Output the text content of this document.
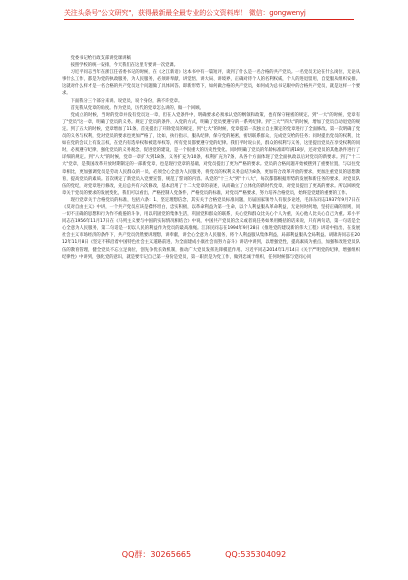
关注头条号"公文研究"，获得最新最全最专业的公文资料库！ 微信：gongwenyj

党委书记给行政支部讲党课讲稿

按照学校的统一安排，今天我们在这里专要讲一次党课。

习近平同志当年在浙江任省委书记的时候，在《之江新语》这本书中有一篇短评，谈到了什么是一名合格的共产党员。一名党员无论在什么岗位，无论从事什么工作，都是为党的执政服务，为人民服务，必须讲奉献、讲觉悟、讲大局、讲境界，正确对待个人的名利权威，个人的进退留用，自觉服从组织安排。这就对什么样才是一名合格的共产党员这个问题做了具体回答。即新形势下，如何做合格的共产党员，如何成为总书记眼中的合格共产党员，就是这样一个要求。

下面我分三个部分来讲。说党员，说个身份，满不许党章。

首先我从党章的角度。作为党员，历代的党章怎么讲的，做一个回顾。

党成立的时候，当时的党章并没有党员这一章，但在入党条件中，明确要求必须承认党的纲领和政策，也有保守秘密的规定。到"一大"的时候，党章有了"党员"这一章，明确了党员的义务。规定了党员的条件、入党的方式，明确了党员要遵守的一系列纪律。到"三大""四大"的时候，增加了党员自动退党的规定。到了五大的时候，党章增加了11条，首先提出了开除党员的规定，到"七大"的时候，党章提第一次独立自主制定的党章进行了全面修改。第一次明确了党员的义务与权利，党对党员的要求也更加严格了，比如，执行指示，服从纪律，保守党的秘密，密切联系群众，完成党交给的任务；同时提出党员的权利，比如在党的会议上有发言权，在党内有选举权和被选举权等，所有党员都要遵守党的纪律。我们平时说公民，群众的权利与义务，这里提出党员在享受权利的同时，必须遵守纪律，强化党员的义务观念，促进党的建设，是一个很重大的历史性变化。同时明确了党员的年龄标准即年满18岁，还对党员的其他条件进行了详细的规定。到"八大"的时候，党章一章扩大到18条，义务扩充为10条，权利扩充为7条，从各个方面体现了党全面执政以后对党员的新要求。到了"十二大"党章，是我国改革开放时期制定的一部新党章，也是现行党章的基础，对党员提出了更为严格的要求。党员的合格问题开始被摆到了重要位置，与以往党章相比，更加强调党员是劳动人民群众的一员，必须全心全意为人民服务，将党员的权利义务总结为8条，更加符合改革开放的要求，更加注重党员的思想教育，提高党员的素质。首次规定了新党员入党要宣誓，规范了誓词的内容。从党的"十三大"到"十八大"，每次都都根据形势的发展和新任务的要求，对党员队伍的党纪，对党章进行修改，先后总共有六次修改，基本沿用了十二大党章的表述，从而确立了立体化的新时代党章，对党员提出了更高的要求。所以回顾党章关于党员的要求的发展变化，我们可以看出，严格控制人党条件，严格党员的标准，对党员严格要求，努力培养合格党员，始终是党建的重要的工作。

现行党章关于合格党员的标准，包括六条：1、坚定理想信念，其实关于合格党员标准问题，历届国家领导人有很多论述，毛泽东同志1937年9月7日在《反对自由主义》中讲，一个共产党员应该是襟怀坦白，忠实积极，以革命利益为第一生命，以个人利益服从革命利益，无论何时何地，坚持正确的原则，同一切不正确的思想和行为作不疲倦的斗争，用以巩固党的集体生活，巩固党和群众的联系，关心党和群众比关心个人为重，关心他人比关心自己为重。邓小平同志在1956年11月17日在《马列主义要与中国的实际情况相结合》中说，中国共产党员的含义或者说任务如果用概括的话来说，只有两句话，第一句话是全心全意为人民服务，第二句话是一切以人民的利益作为党员的最高准绳。江泽民同志在1994年9月28日《推进党的建设新的伟大工程》讲话中指出，在发展社会主义市场经济的条件下，共产党员仍然要讲理想，讲奉献，讲全心全意为人民服务，将个人利益服从集体利益，局部利益服从全局利益。胡锦涛同志在2012年11月8日《坚定不移沿着中国特色社会主义道路前进，为全面建成小康社会而努力奋斗》讲话中讲到，以增强党性，提高素质为重点，加强和改进党员队伍的教育管理，健全党员不忘立足岗位，创先争优长效机制，推动广大党员发挥先锋模范作用。习近平同志2014年1月14日《关于严明党的纪律，增强组织纪律性》中讲到，强化党的意识，就是要牢记自己第一身份是党员，第一职责是为党工作，做到忠诚于组织，任何时候都与党同心同

QQ群：30265665	QQ:535304092
